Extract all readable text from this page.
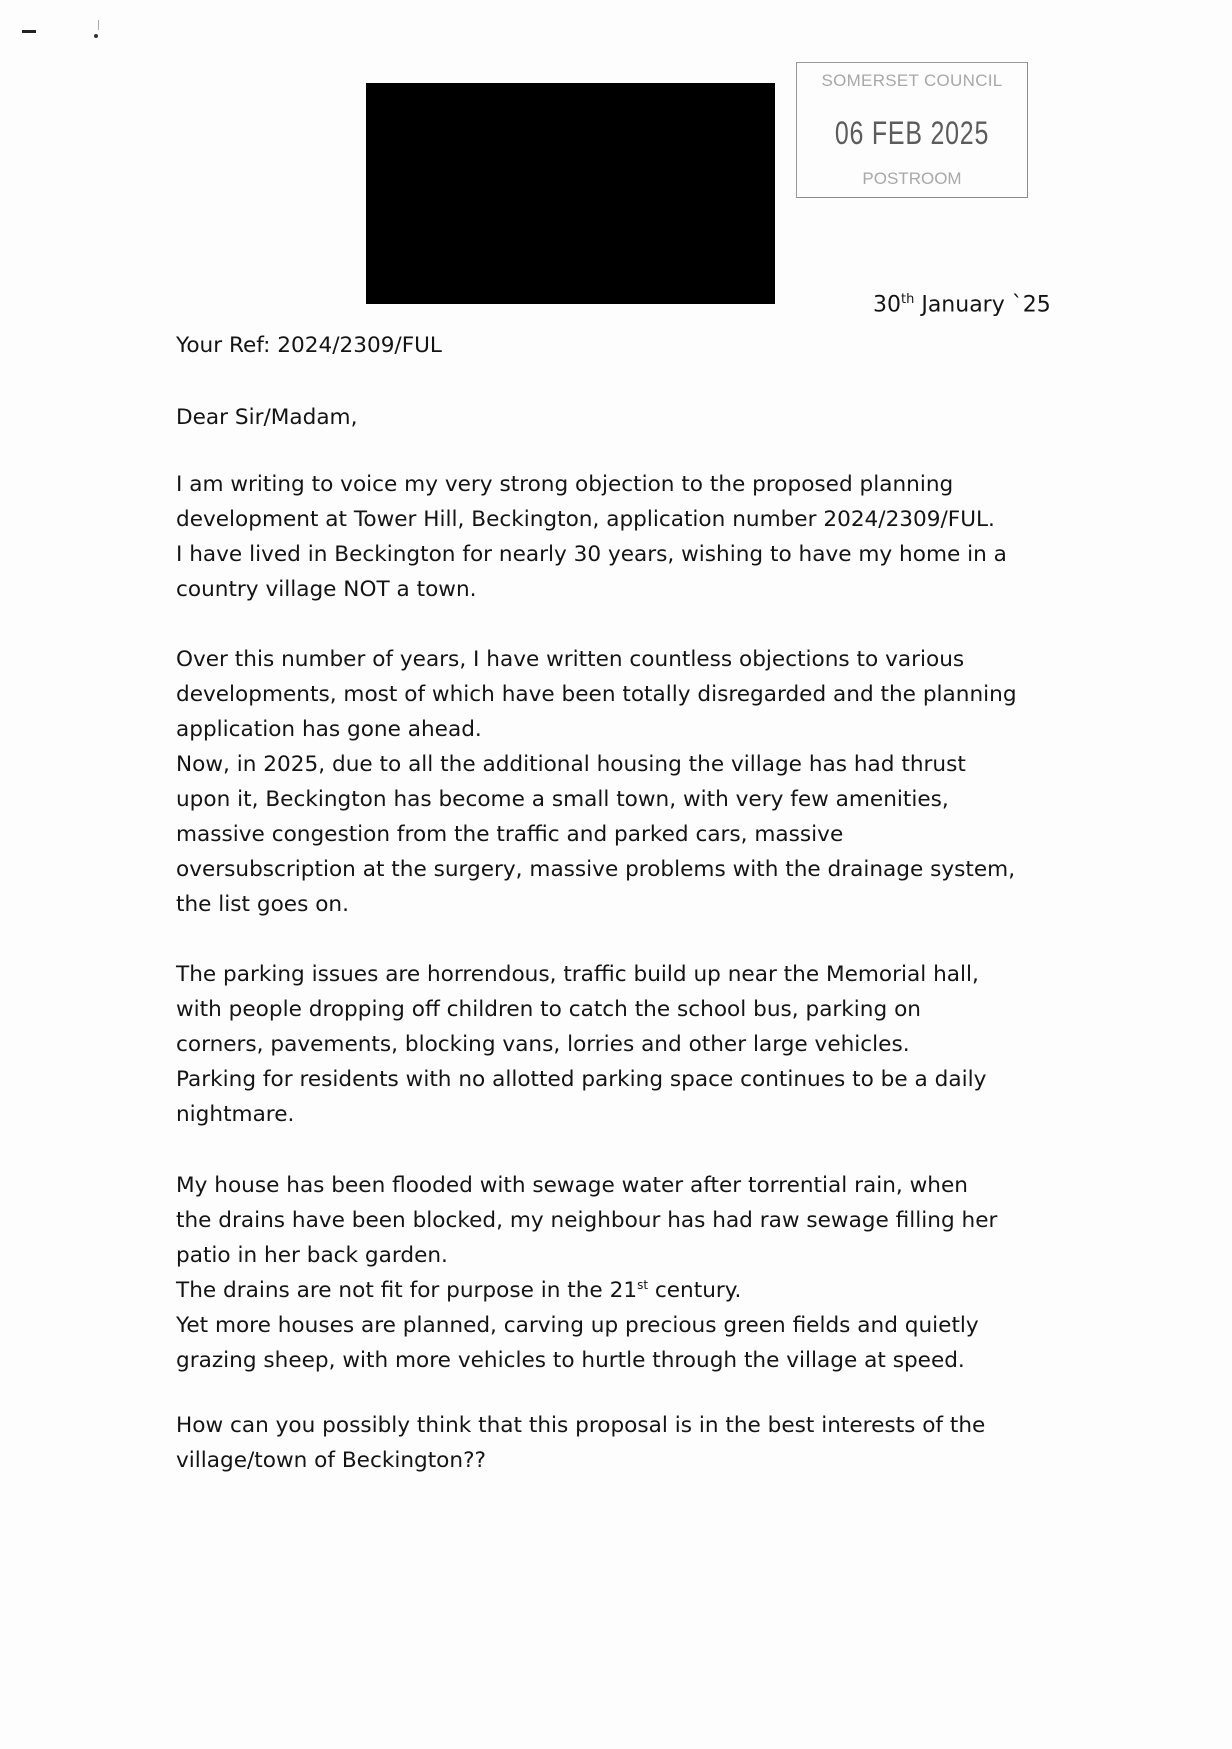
SOMERSET COUNCIL
06 FEB 2025
POSTROOM
30th January `25
Your Ref: 2024/2309/FUL
Dear Sir/Madam,
I am writing to voice my very strong objection to the proposed planning
development at Tower Hill, Beckington, application number 2024/2309/FUL.
I have lived in Beckington for nearly 30 years, wishing to have my home in a
country village NOT a town.
Over this number of years, I have written countless objections to various
developments, most of which have been totally disregarded and the planning
application has gone ahead.
Now, in 2025, due to all the additional housing the village has had thrust
upon it, Beckington has become a small town, with very few amenities,
massive congestion from the traffic and parked cars, massive
oversubscription at the surgery, massive problems with the drainage system,
the list goes on.
The parking issues are horrendous, traffic build up near the Memorial hall,
with people dropping off children to catch the school bus, parking on
corners, pavements, blocking vans, lorries and other large vehicles.
Parking for residents with no allotted parking space continues to be a daily
nightmare.
My house has been flooded with sewage water after torrential rain, when
the drains have been blocked, my neighbour has had raw sewage filling her
patio in her back garden.
The drains are not fit for purpose in the 21st century.
Yet more houses are planned, carving up precious green fields and quietly
grazing sheep, with more vehicles to hurtle through the village at speed.
How can you possibly think that this proposal is in the best interests of the
village/town of Beckington??
